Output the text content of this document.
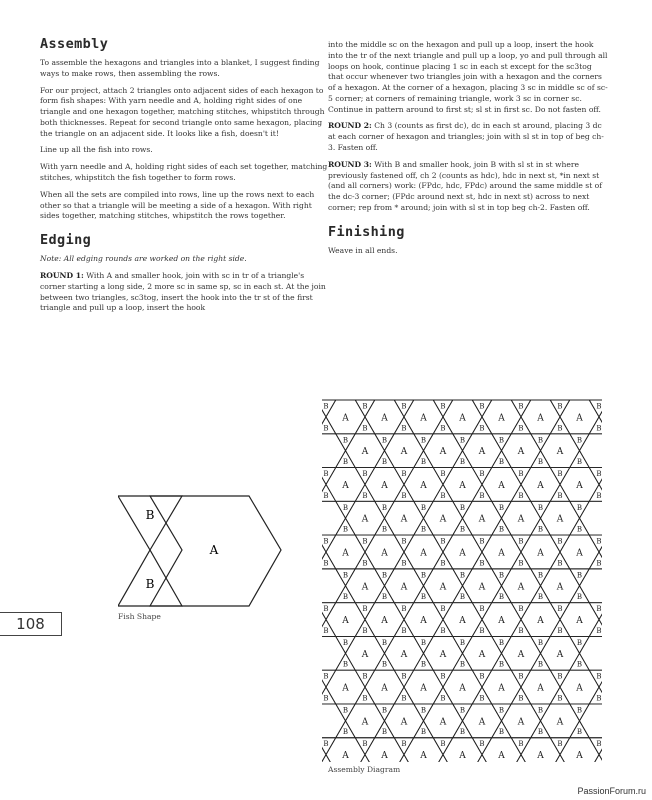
Assembly

To assemble the hexagons and triangles into a blanket, I suggest finding ways to make rows, then assembling the rows.

For our project, attach 2 triangles onto adjacent sides of each hexagon to form fish shapes: With yarn needle and A, holding right sides of one triangle and one hexagon together, matching stitches, whipstitch through both thicknesses. Repeat for second triangle onto same hexagon, placing the triangle on an adjacent side. It looks like a fish, doesn't it!

Line up all the fish into rows.

With yarn needle and A, holding right sides of each set together, matching stitches, whipstitch the fish together to form rows.

When all the sets are compiled into rows, line up the rows next to each other so that a triangle will be meeting a side of a hexagon. With right sides together, matching stitches, whipstitch the rows together.

Edging

Note: All edging rounds are worked on the right side.

ROUND 1: With A and smaller hook, join with sc in tr of a triangle's corner starting a long side, 2 more sc in same sp, sc in each st. At the join between two triangles, sc3tog, insert the hook into the tr st of the first triangle and pull up a loop, insert the hook

into the middle sc on the hexagon and pull up a loop, insert the hook into the tr of the next triangle and pull up a loop, yo and pull through all loops on hook, continue placing 1 sc in each st except for the sc3tog that occur whenever two triangles join with a hexagon and the corners of a hexagon. At the corner of a hexagon, placing 3 sc in middle sc of sc-5 corner; at corners of remaining triangle, work 3 sc in corner sc. Continue in pattern around to first st; sl st in first sc. Do not fasten off.

ROUND 2: Ch 3 (counts as first dc), dc in each st around, placing 3 dc at each corner of hexagon and triangles; join with sl st in top of beg ch-3. Fasten off.

ROUND 3: With B and smaller hook, join B with sl st in st where previously fastened off, ch 2 (counts as hdc), hdc in next st, *in next st (and all corners) work: (FPdc, hdc, FPdc) around the same middle st of the dc-3 corner; (FPdc around next st, hdc in next st) across to next corner; rep from * around; join with sl st in top beg ch-2. Fasten off.

Finishing

Weave in all ends.

108
B
B
A
Fish Shape
B
B
A
B
B
A
B
B
A
B
B
A
B
B
A
B
B
A
B
B
A
B
B
B
B
A
B
B
A
B
B
A
B
B
A
B
B
A
B
B
A
B
B
B
B
A
B
B
A
B
B
A
B
B
A
B
B
A
B
B
A
B
B
A
B
B
B
B
A
B
B
A
B
B
A
B
B
A
B
B
A
B
B
A
B
B
B
B
A
B
B
A
B
B
A
B
B
A
B
B
A
B
B
A
B
B
A
B
B
B
B
A
B
B
A
B
B
A
B
B
A
B
B
A
B
B
A
B
B
B
B
A
B
B
A
B
B
A
B
B
A
B
B
A
B
B
A
B
B
A
B
B
B
B
A
B
B
A
B
B
A
B
B
A
B
B
A
B
B
A
B
B
B
B
A
B
B
A
B
B
A
B
B
A
B
B
A
B
B
A
B
B
A
B
B
B
B
A
B
B
A
B
B
A
B
B
A
B
B
A
B
B
A
B
B
B
A
B
A
B
A
B
A
B
A
B
A
B
A
B
Assembly Diagram
PassionForum.ru
